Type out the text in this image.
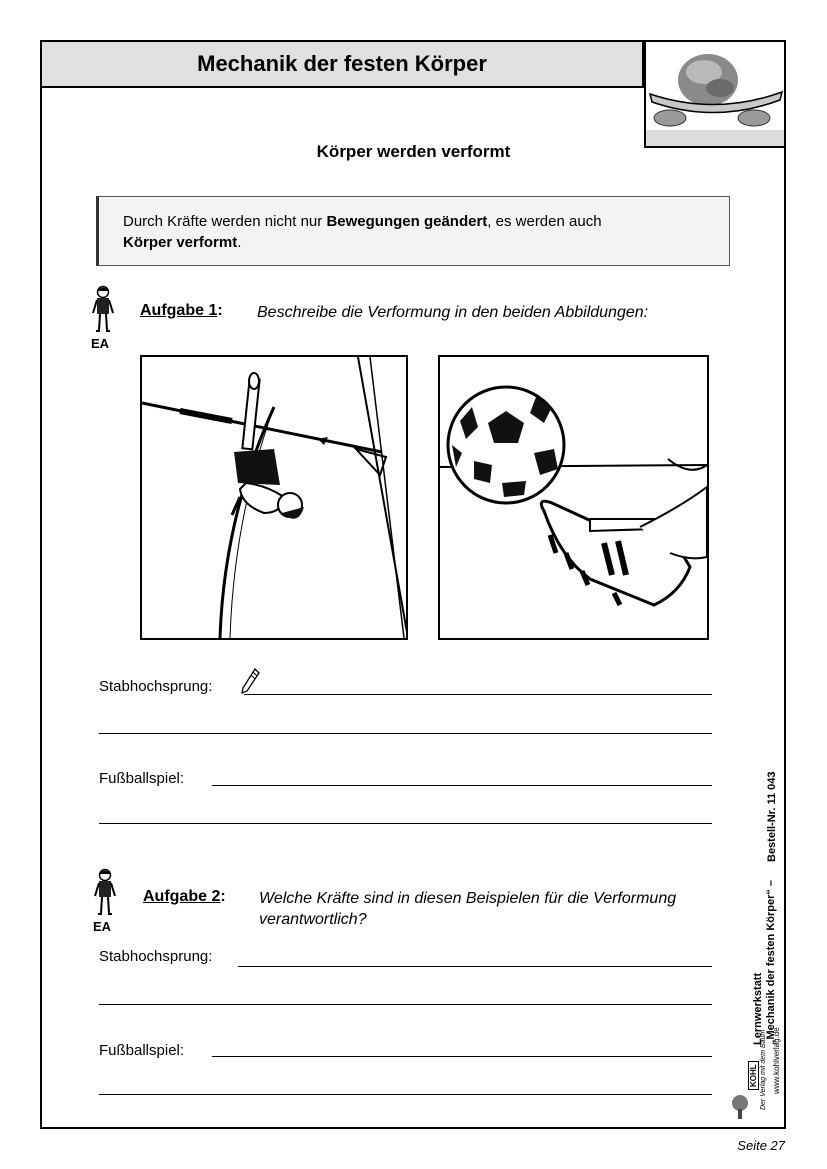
Mechanik der festen Körper
Körper werden verformt
Durch Kräfte werden nicht nur Bewegungen geändert, es werden auch
Körper verformt.
EA
Aufgabe 1: Beschreibe die Verformung in den beiden Abbildungen:
Stabhochsprung:
Fußballspiel:
EA
Aufgabe 2: Welche Kräfte sind in diesen Beispielen für die Verformung
verantwortlich?
Stabhochsprung:
Fußballspiel:
Bestell-Nr. 11 043
Lernwerkstatt
„Mechanik der festen Körper“ –
www.kohlverlag.de
Der Verlag mit dem Baum
KOHL
Seite 27
